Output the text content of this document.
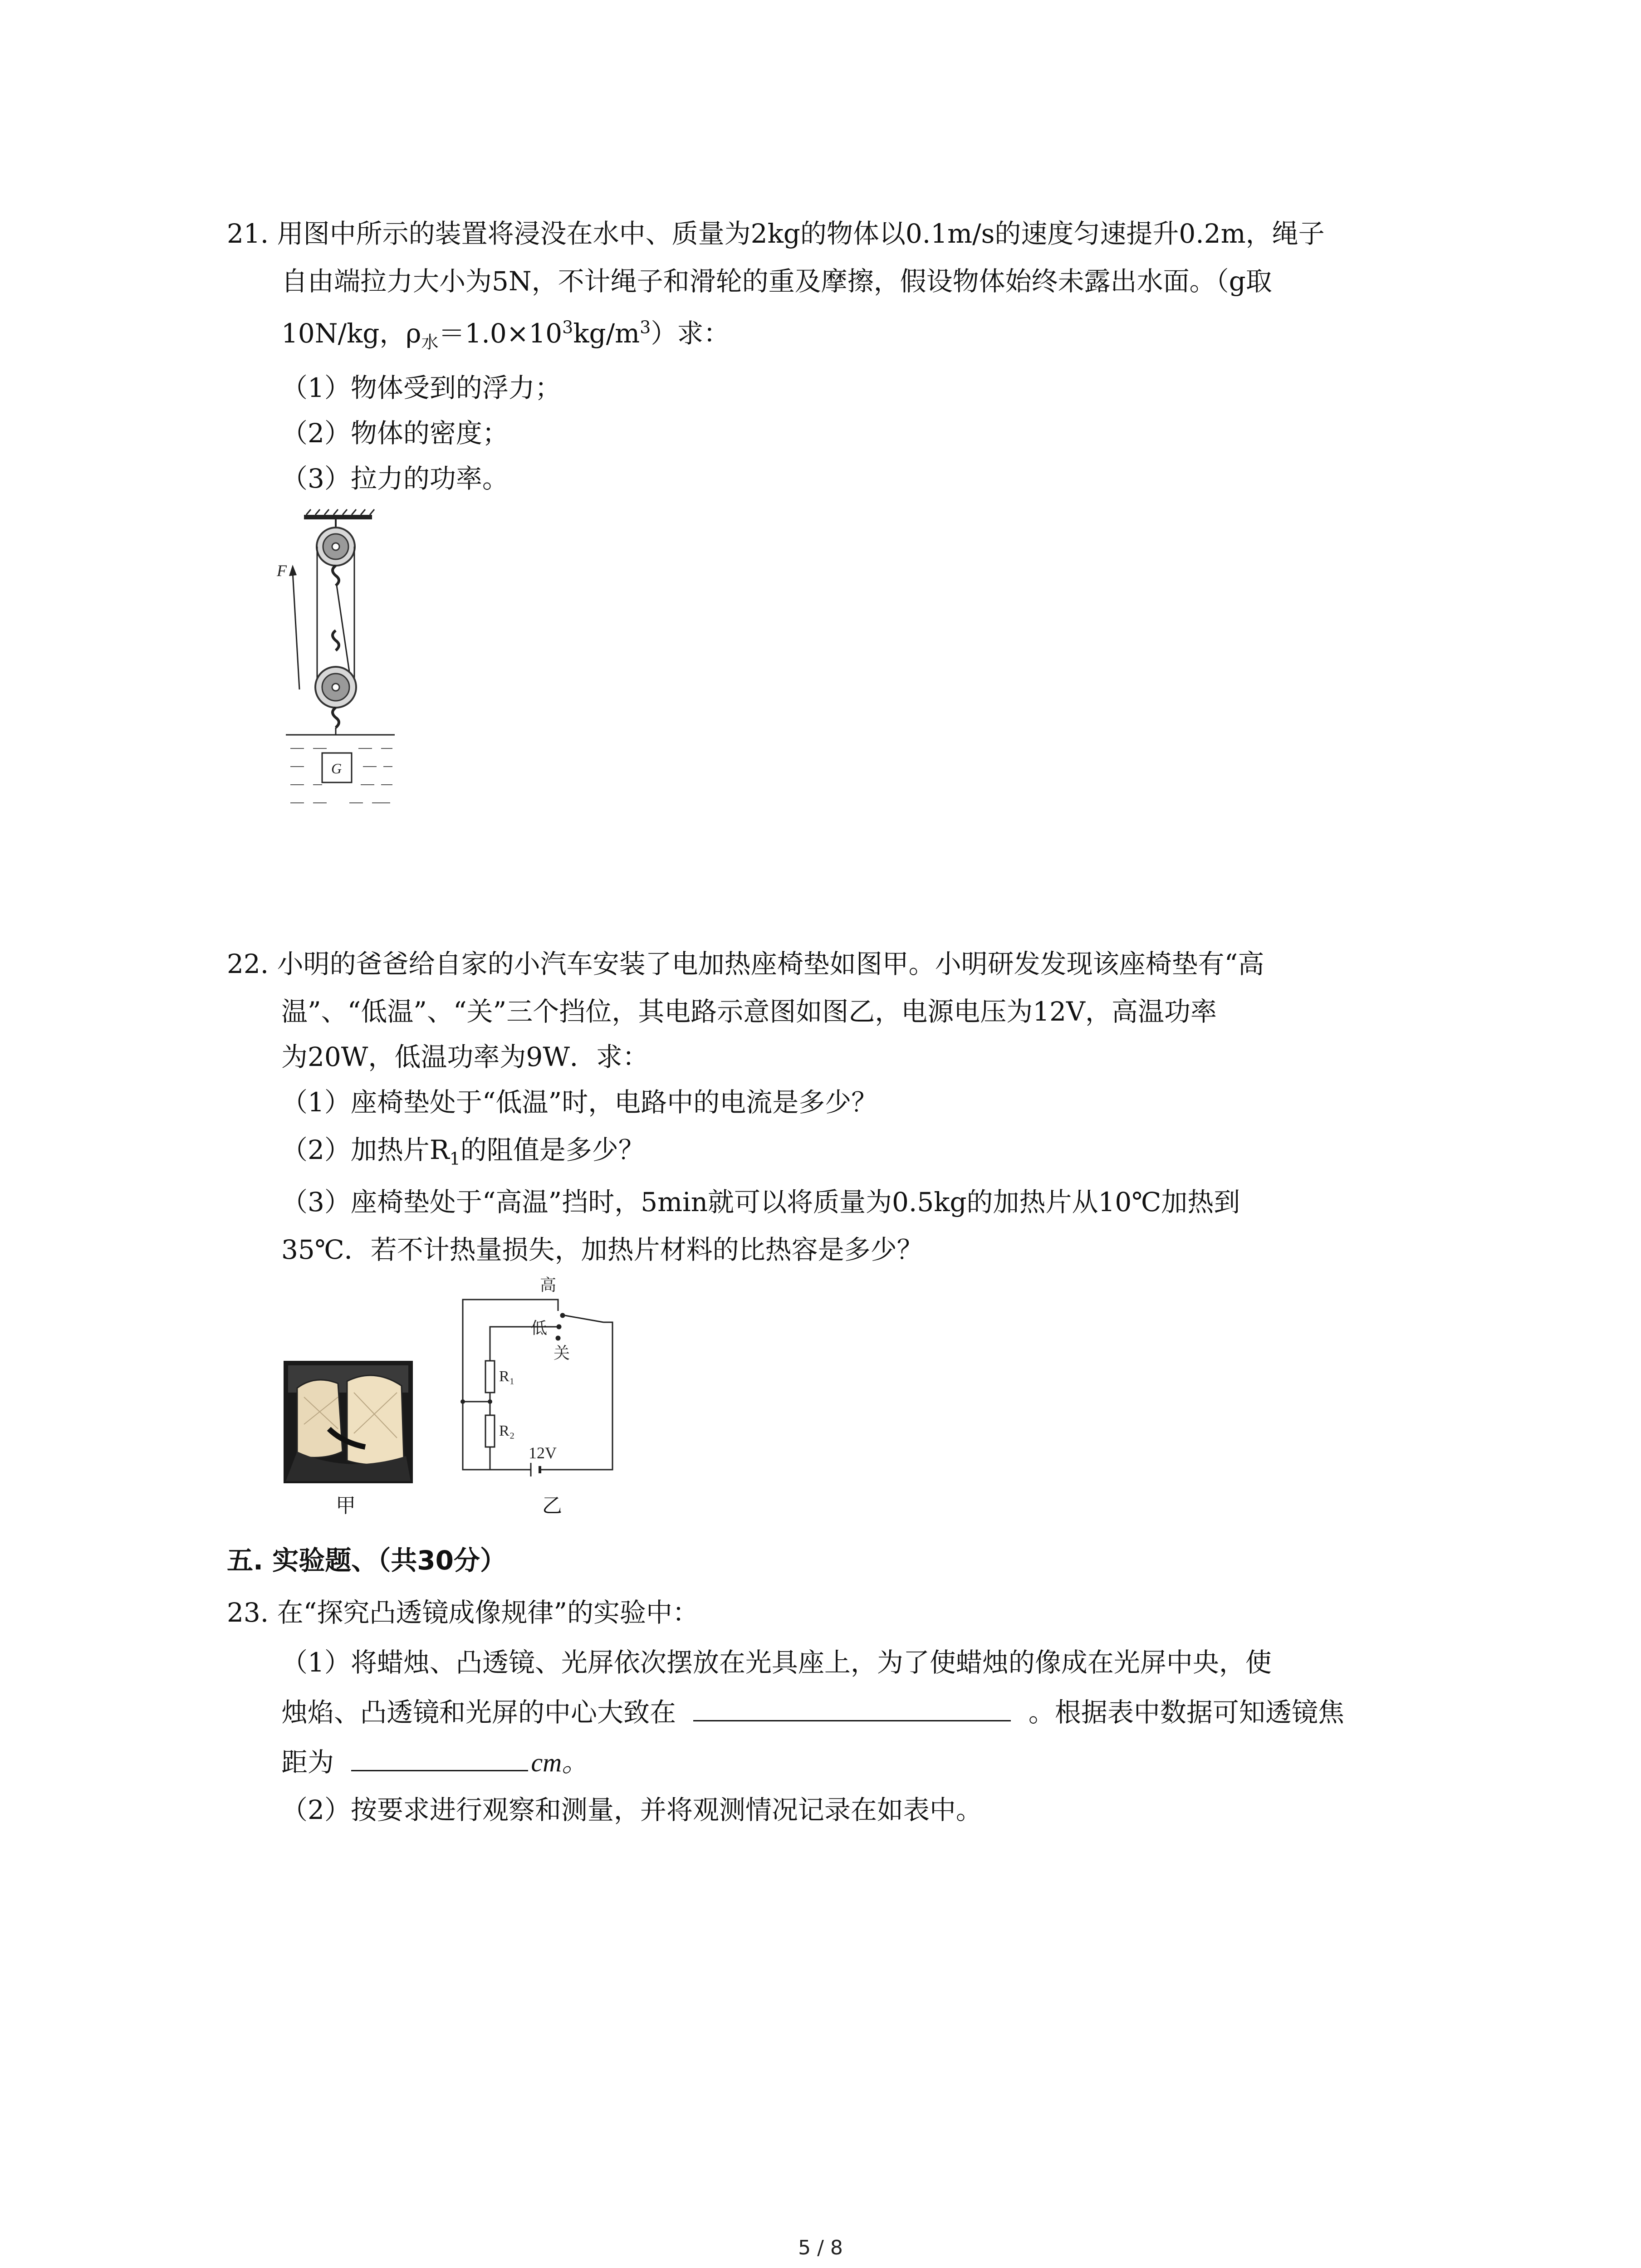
21. 用图中所示的装置将浸没在水中、质量为2kg的物体以0.1m/s的速度匀速提升0.2m，绳子
自由端拉力大小为5N，不计绳子和滑轮的重及摩擦，假设物体始终未露出水面。（g取
10N/kg，$\rho_水=1.0\times 10^3kg/m^3$）求：
（1）物体受到的浮力；
（2）物体的密度；
（3）拉力的功率。
F
G
22. 小明的爸爸给自家的小汽车安装了电加热座椅垫如图甲。小明研发发现该座椅垫有“高
温”、“低温”、“关”三个挡位，其电路示意图如图乙，电源电压为12V，高温功率
为20W，低温功率为9W．求：
（1）座椅垫处于“低温”时，电路中的电流是多少？
（2）加热片$R_1$的阻值是多少？
（3）座椅垫处于“高温”挡时，5min就可以将质量为0.5kg的加热片从10℃加热到
35℃．若不计热量损失，加热片材料的比热容是多少？
甲
高
低
关
R₁
R₂
12V
乙
五. 实验题、（共30分）
23. 在“探究凸透镜成像规律”的实验中：
（1）将蜡烛、凸透镜、光屏依次摆放在光具座上，为了使蜡烛的像成在光屏中央，使
烛焰、凸透镜和光屏的中心大致在	。根据表中数据可知透镜焦
距为	cm。
（2）按要求进行观察和测量，并将观测情况记录在如表中。
5 / 8
